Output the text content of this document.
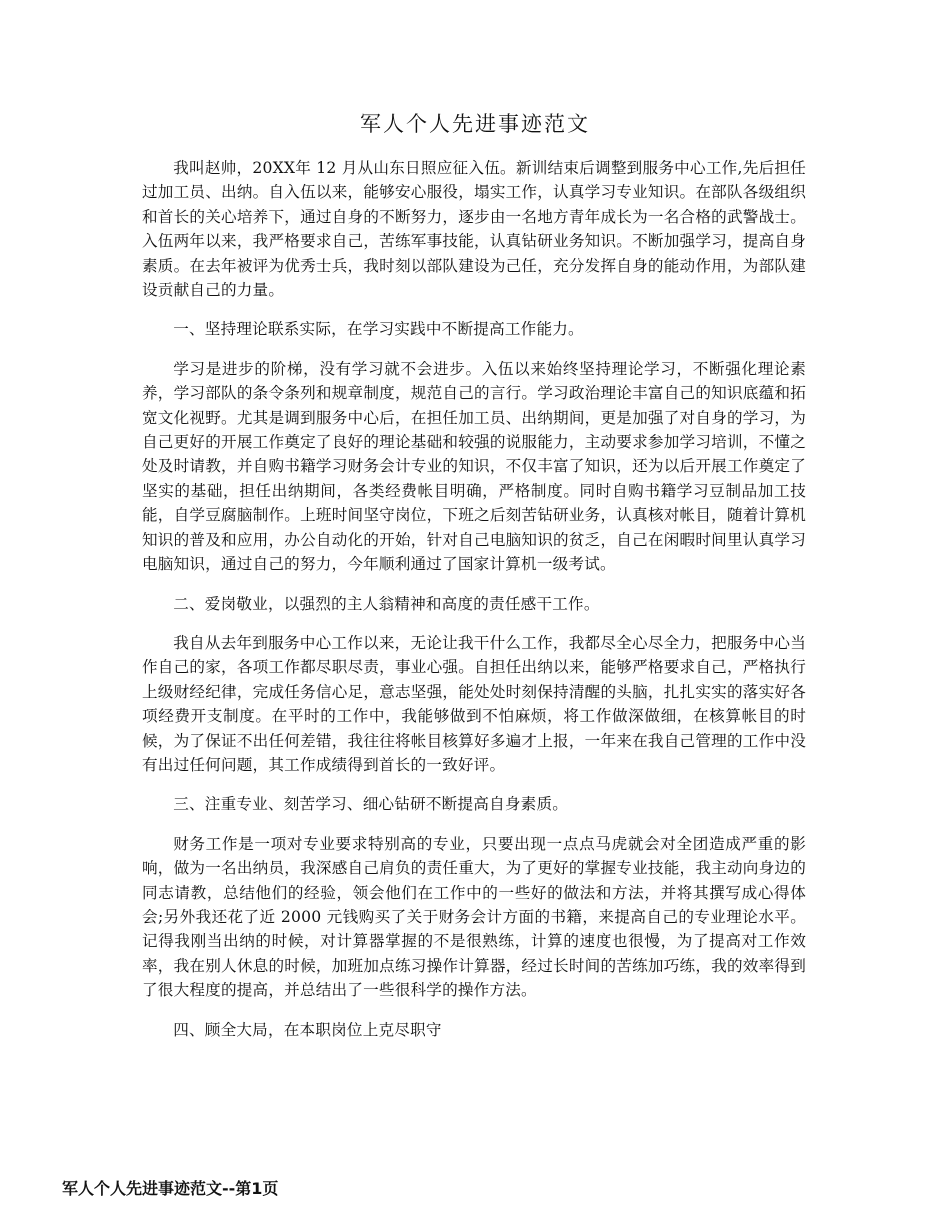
军人个人先进事迹范文

我叫赵帅，20XX年 12 月从山东日照应征入伍。新训结束后调整到服务中心工作,先后担任过加工员、出纳。自入伍以来，能够安心服役，塌实工作，认真学习专业知识。在部队各级组织和首长的关心培养下，通过自身的不断努力，逐步由一名地方青年成长为一名合格的武警战士。入伍两年以来，我严格要求自己，苦练军事技能，认真钻研业务知识。不断加强学习，提高自身素质。在去年被评为优秀士兵，我时刻以部队建设为己任，充分发挥自身的能动作用，为部队建设贡献自己的力量。

一、坚持理论联系实际，在学习实践中不断提高工作能力。

学习是进步的阶梯，没有学习就不会进步。入伍以来始终坚持理论学习，不断强化理论素养，学习部队的条令条列和规章制度，规范自己的言行。学习政治理论丰富自己的知识底蕴和拓宽文化视野。尤其是调到服务中心后，在担任加工员、出纳期间，更是加强了对自身的学习，为自己更好的开展工作奠定了良好的理论基础和较强的说服能力，主动要求参加学习培训，不懂之处及时请教，并自购书籍学习财务会计专业的知识，不仅丰富了知识，还为以后开展工作奠定了坚实的基础，担任出纳期间，各类经费帐目明确，严格制度。同时自购书籍学习豆制品加工技能，自学豆腐脑制作。上班时间坚守岗位，下班之后刻苦钻研业务，认真核对帐目，随着计算机知识的普及和应用，办公自动化的开始，针对自己电脑知识的贫乏，自己在闲暇时间里认真学习电脑知识，通过自己的努力，今年顺利通过了国家计算机一级考试。

二、爱岗敬业，以强烈的主人翁精神和高度的责任感干工作。

我自从去年到服务中心工作以来，无论让我干什么工作，我都尽全心尽全力，把服务中心当作自己的家，各项工作都尽职尽责，事业心强。自担任出纳以来，能够严格要求自己，严格执行上级财经纪律，完成任务信心足，意志坚强，能处处时刻保持清醒的头脑，扎扎实实的落实好各项经费开支制度。在平时的工作中，我能够做到不怕麻烦，将工作做深做细，在核算帐目的时候，为了保证不出任何差错，我往往将帐目核算好多遍才上报，一年来在我自己管理的工作中没有出过任何问题，其工作成绩得到首长的一致好评。

三、注重专业、刻苦学习、细心钻研不断提高自身素质。

财务工作是一项对专业要求特别高的专业，只要出现一点点马虎就会对全团造成严重的影响，做为一名出纳员，我深感自己肩负的责任重大，为了更好的掌握专业技能，我主动向身边的同志请教，总结他们的经验，领会他们在工作中的一些好的做法和方法，并将其撰写成心得体会;另外我还花了近 2000 元钱购买了关于财务会计方面的书籍，来提高自己的专业理论水平。记得我刚当出纳的时候，对计算器掌握的不是很熟练，计算的速度也很慢，为了提高对工作效率，我在别人休息的时候，加班加点练习操作计算器，经过长时间的苦练加巧练，我的效率得到了很大程度的提高，并总结出了一些很科学的操作方法。

四、顾全大局，在本职岗位上克尽职守

军人个人先进事迹范文--第1页
